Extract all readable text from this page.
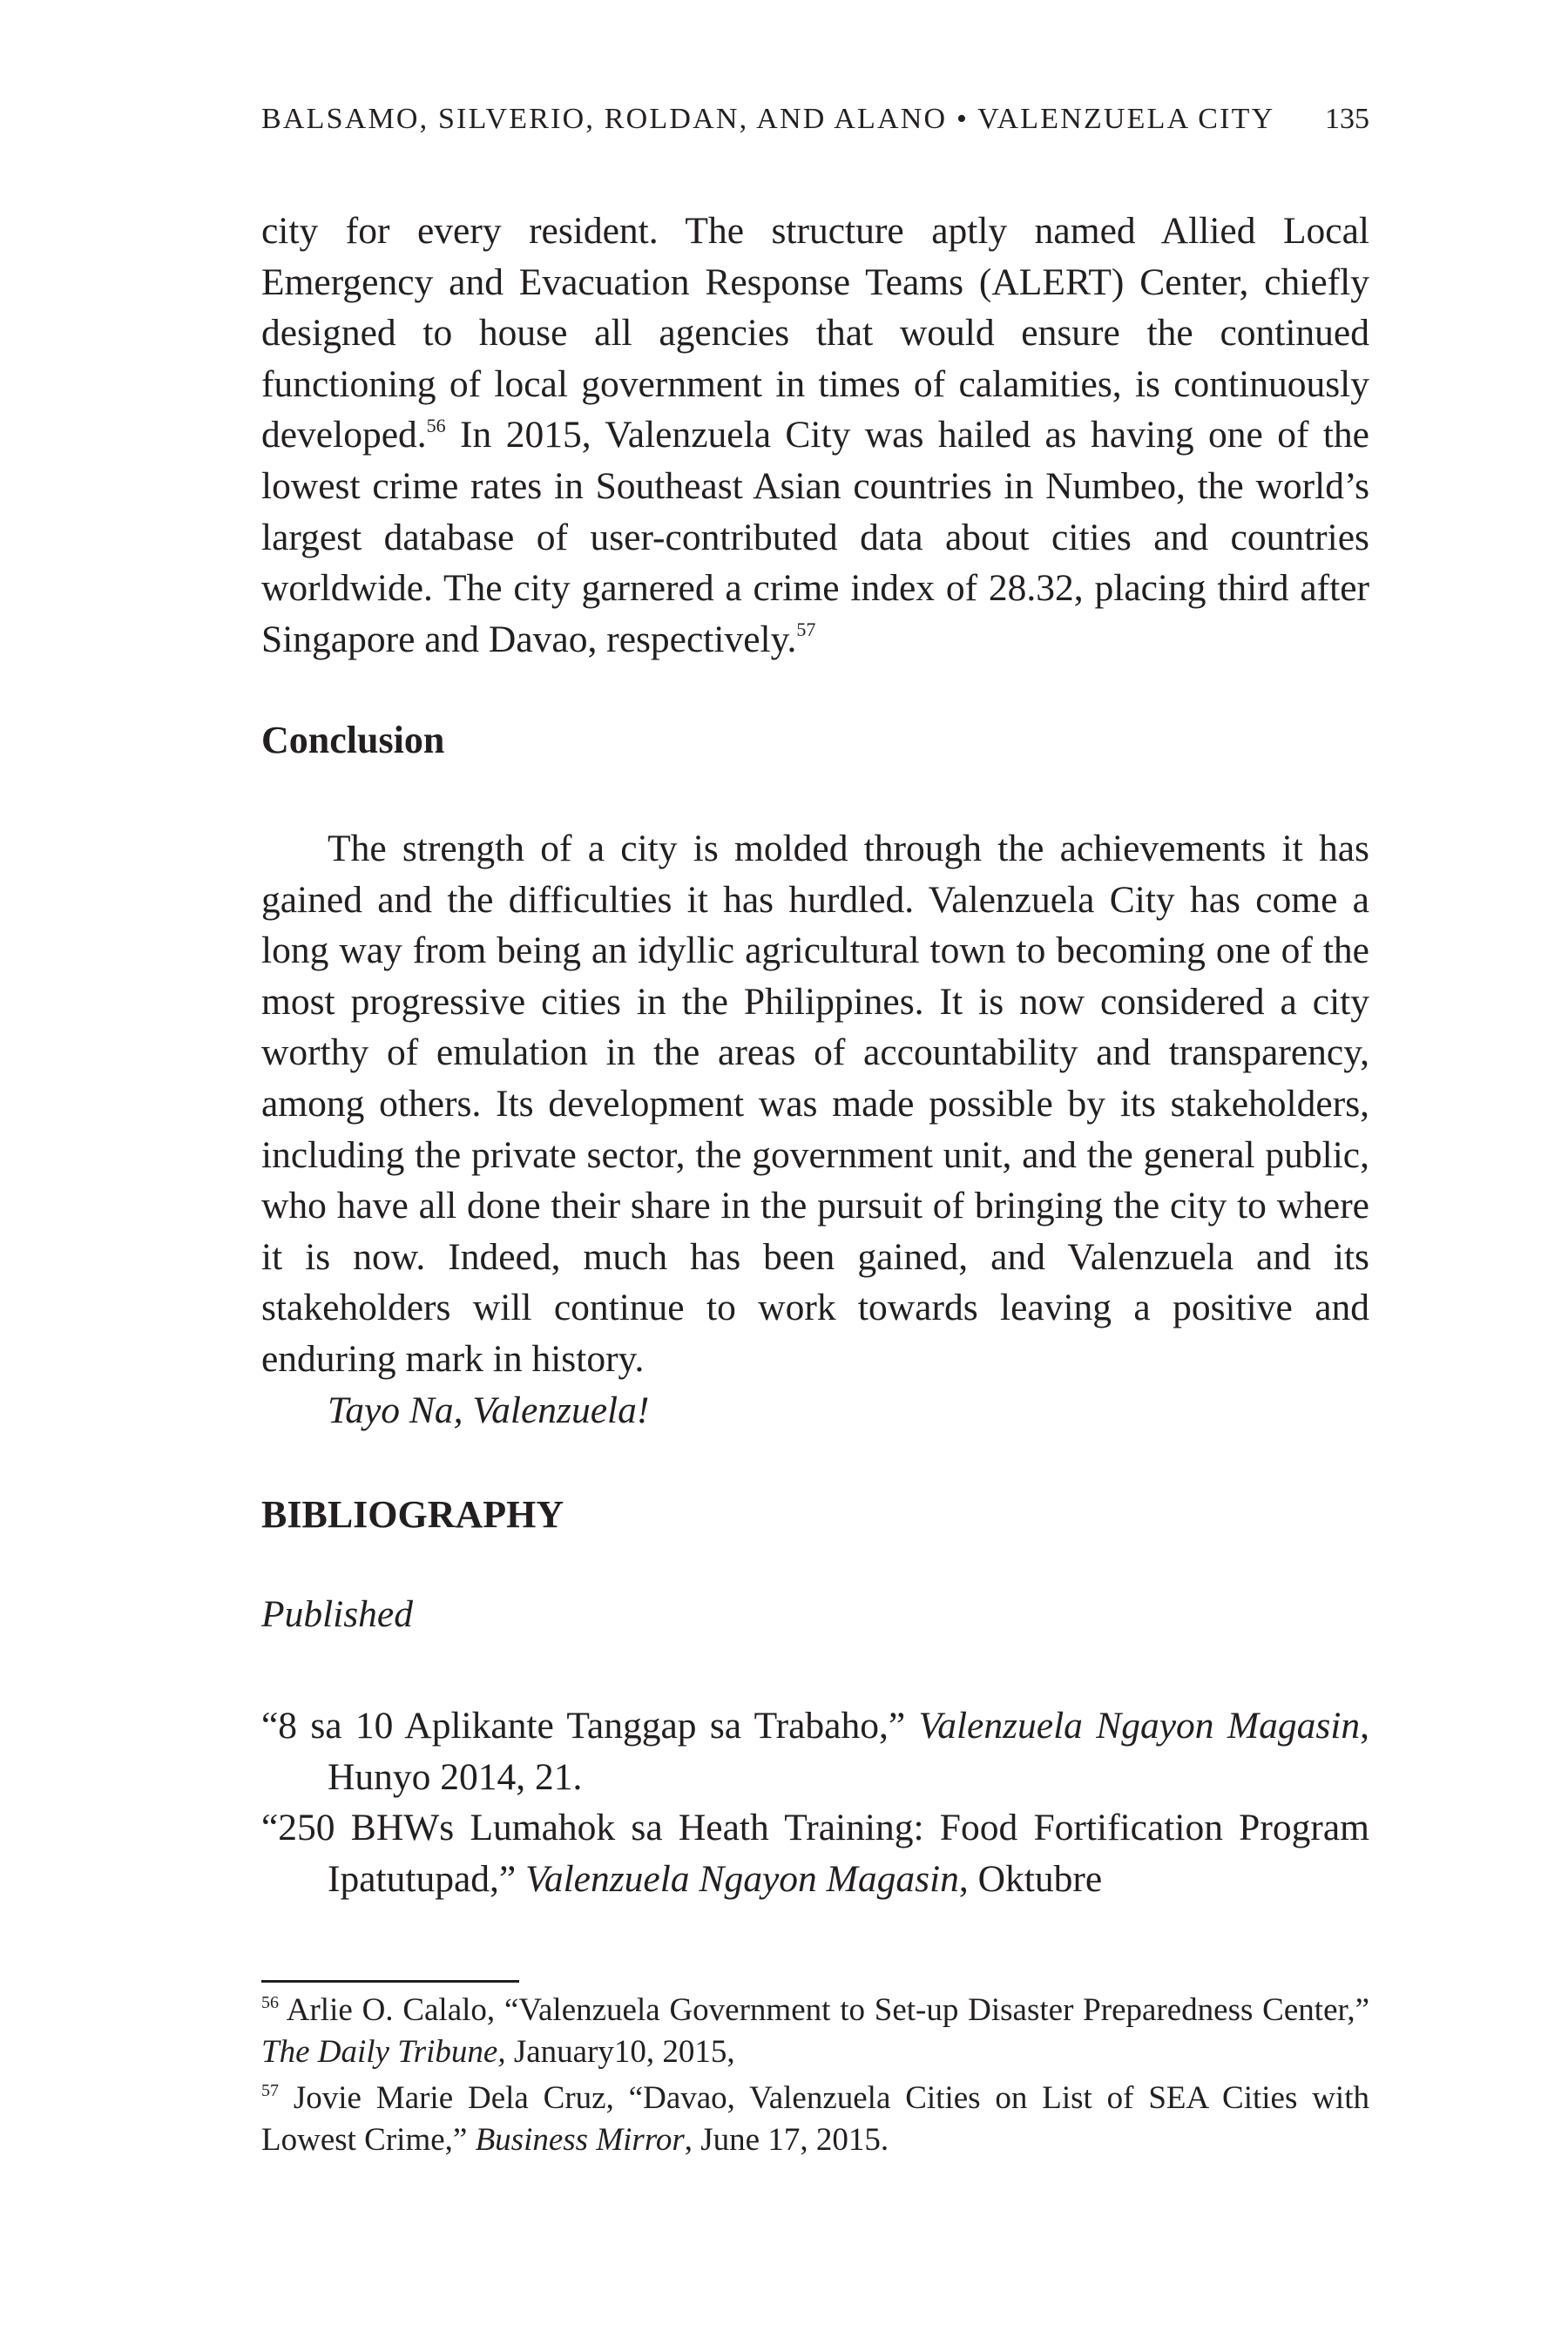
BALSAMO, SILVERIO, ROLDAN, AND ALANO • VALENZUELA CITY 135

city for every resident. The structure aptly named Allied Local Emergency and Evacuation Response Teams (ALERT) Center, chiefly designed to house all agencies that would ensure the continued functioning of local government in times of calamities, is continuously developed.$^{56}$ In 2015, Valenzuela City was hailed as having one of the lowest crime rates in Southeast Asian countries in Numbeo, the world’s largest database of user-contributed data about cities and countries worldwide. The city garnered a crime index of 28.32, placing third after Singapore and Davao, respectively.$^{57}$

Conclusion

The strength of a city is molded through the achievements it has gained and the difficulties it has hurdled. Valenzuela City has come a long way from being an idyllic agricultural town to becoming one of the most progressive cities in the Philippines. It is now considered a city worthy of emulation in the areas of accountability and transparency, among others. Its development was made possible by its stakeholders, including the private sector, the government unit, and the general public, who have all done their share in the pursuit of bringing the city to where it is now. Indeed, much has been gained, and Valenzuela and its stakeholders will continue to work towards leaving a positive and enduring mark in history.

Tayo Na, Valenzuela!

BIBLIOGRAPHY
Published

“8 sa 10 Aplikante Tanggap sa Trabaho,” Valenzuela Ngayon Magasin, Hunyo 2014, 21.

“250 BHWs Lumahok sa Heath Training: Food Fortification Program Ipatutupad,” Valenzuela Ngayon Magasin, Oktubre

$^{56}$ Arlie O. Calalo, “Valenzuela Government to Set-up Disaster Preparedness Center,” The Daily Tribune, January10, 2015,

$^{57}$ Jovie Marie Dela Cruz, “Davao, Valenzuela Cities on List of SEA Cities with Lowest Crime,” Business Mirror, June 17, 2015.
